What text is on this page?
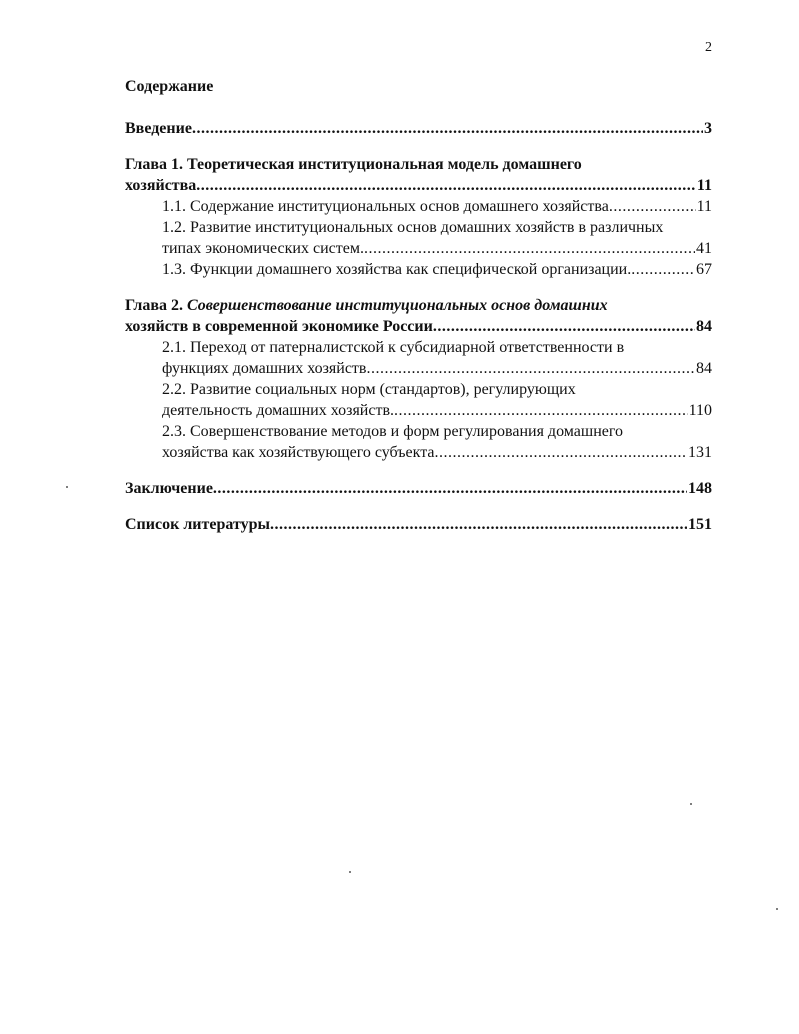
2
Содержание
Введение .....	3
Глава 1. Теоретическая институциональная модель домашнего
хозяйства .....	11
1.1. Содержание институциональных основ домашнего хозяйства .....	11
1.2. Развитие институциональных основ домашних хозяйств в различных
типах экономических систем. .....	41
1.3. Функции домашнего хозяйства как специфической организации. .....	67
Глава 2. Совершенствование институциональных основ домашних
хозяйств в современной экономике России .....	84
2.1. Переход от патерналистской к субсидиарной ответственности в
функциях домашних хозяйств .....	84
2.2. Развитие социальных норм (стандартов), регулирующих
деятельность домашних хозяйств. .....	110
2.3. Совершенствование методов и форм регулирования домашнего
хозяйства как хозяйствующего субъекта .....	131
Заключение .....	148
Список литературы .....	151
